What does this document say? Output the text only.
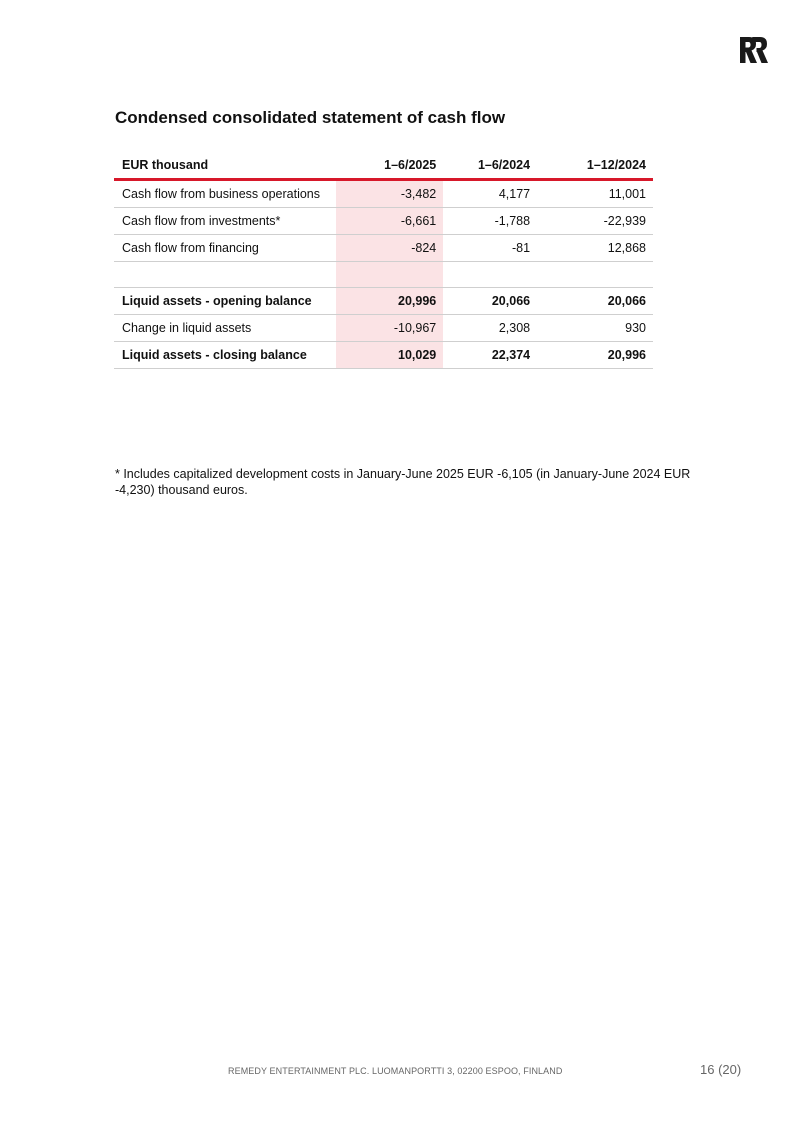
Condensed consolidated statement of cash flow
EUR thousand	1–6/2025	1–6/2024	1–12/2024
Cash flow from business operations	-3,482	4,177	11,001
Cash flow from investments*	-6,661	-1,788	-22,939
Cash flow from financing	-824	-81	12,868

Liquid assets - opening balance	20,996	20,066	20,066
Change in liquid assets	-10,967	2,308	930
Liquid assets - closing balance	10,029	22,374	20,996
* Includes capitalized development costs in January-June 2025 EUR -6,105 (in January-June 2024 EUR -4,230) thousand euros.
REMEDY ENTERTAINMENT PLC. LUOMANPORTTI 3, 02200 ESPOO, FINLAND	16 (20)
